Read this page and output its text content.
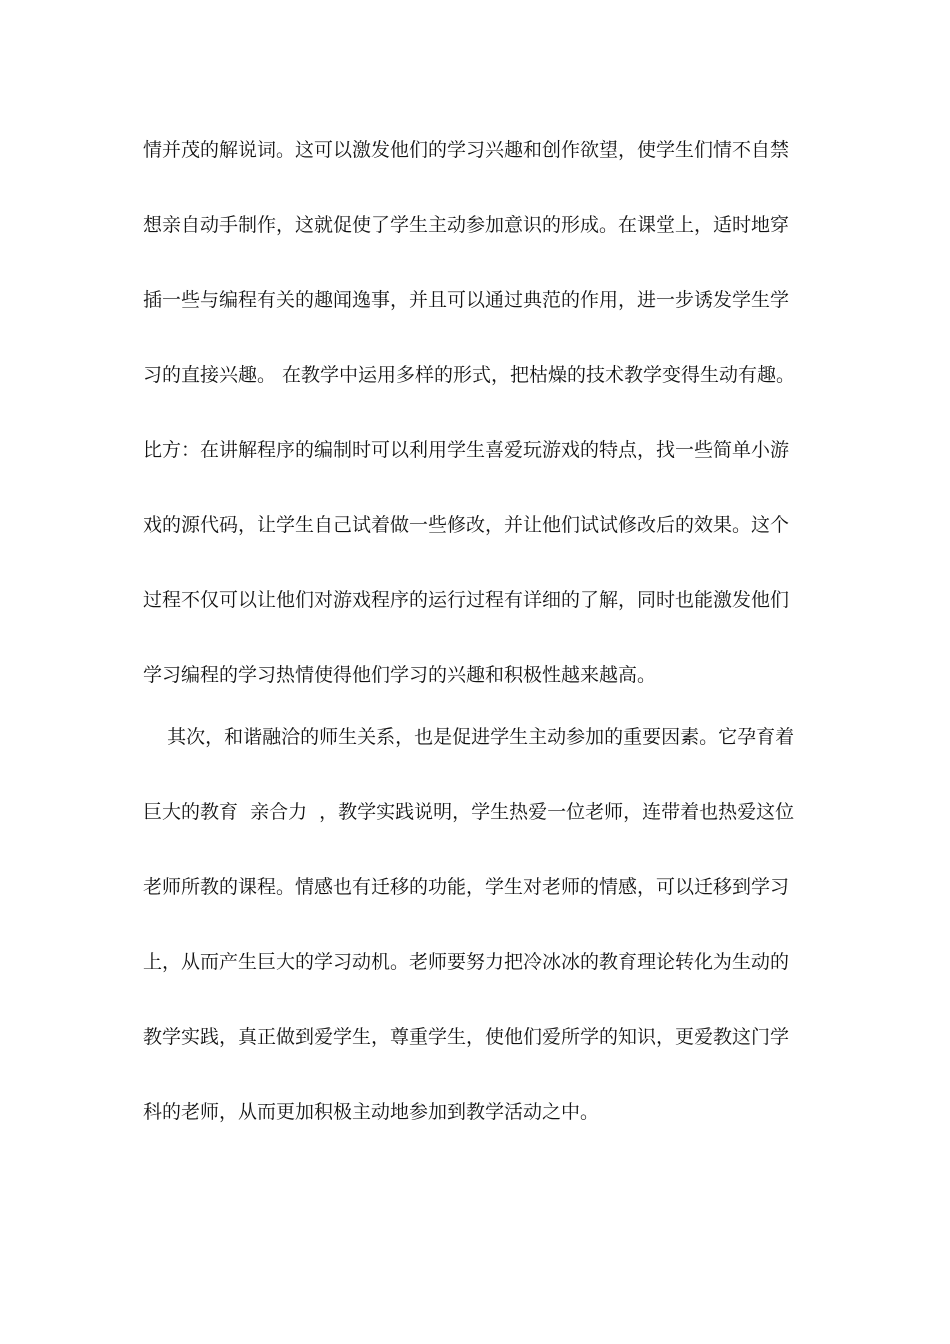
情并茂的解说词。这可以激发他们的学习兴趣和创作欲望，使学生们情不自禁
想亲自动手制作，这就促使了学生主动参加意识的形成。在课堂上，适时地穿
插一些与编程有关的趣闻逸事，并且可以通过典范的作用，进一步诱发学生学
习的直接兴趣。 在教学中运用多样的形式，把枯燥的技术教学变得生动有趣。
比方：在讲解程序的编制时可以利用学生喜爱玩游戏的特点，找一些简单小游
戏的源代码，让学生自己试着做一些修改，并让他们试试修改后的效果。这个
过程不仅可以让他们对游戏程序的运行过程有详细的了解，同时也能激发他们
学习编程的学习热情使得他们学习的兴趣和积极性越来越高。
其次，和谐融洽的师生关系，也是促进学生主动参加的重要因素。它孕育着
巨大的教育  亲合力  ，教学实践说明，学生热爱一位老师，连带着也热爱这位
老师所教的课程。情感也有迁移的功能，学生对老师的情感，可以迁移到学习
上，从而产生巨大的学习动机。老师要努力把冷冰冰的教育理论转化为生动的
教学实践，真正做到爱学生，尊重学生，使他们爱所学的知识，更爱教这门学
科的老师，从而更加积极主动地参加到教学活动之中。
